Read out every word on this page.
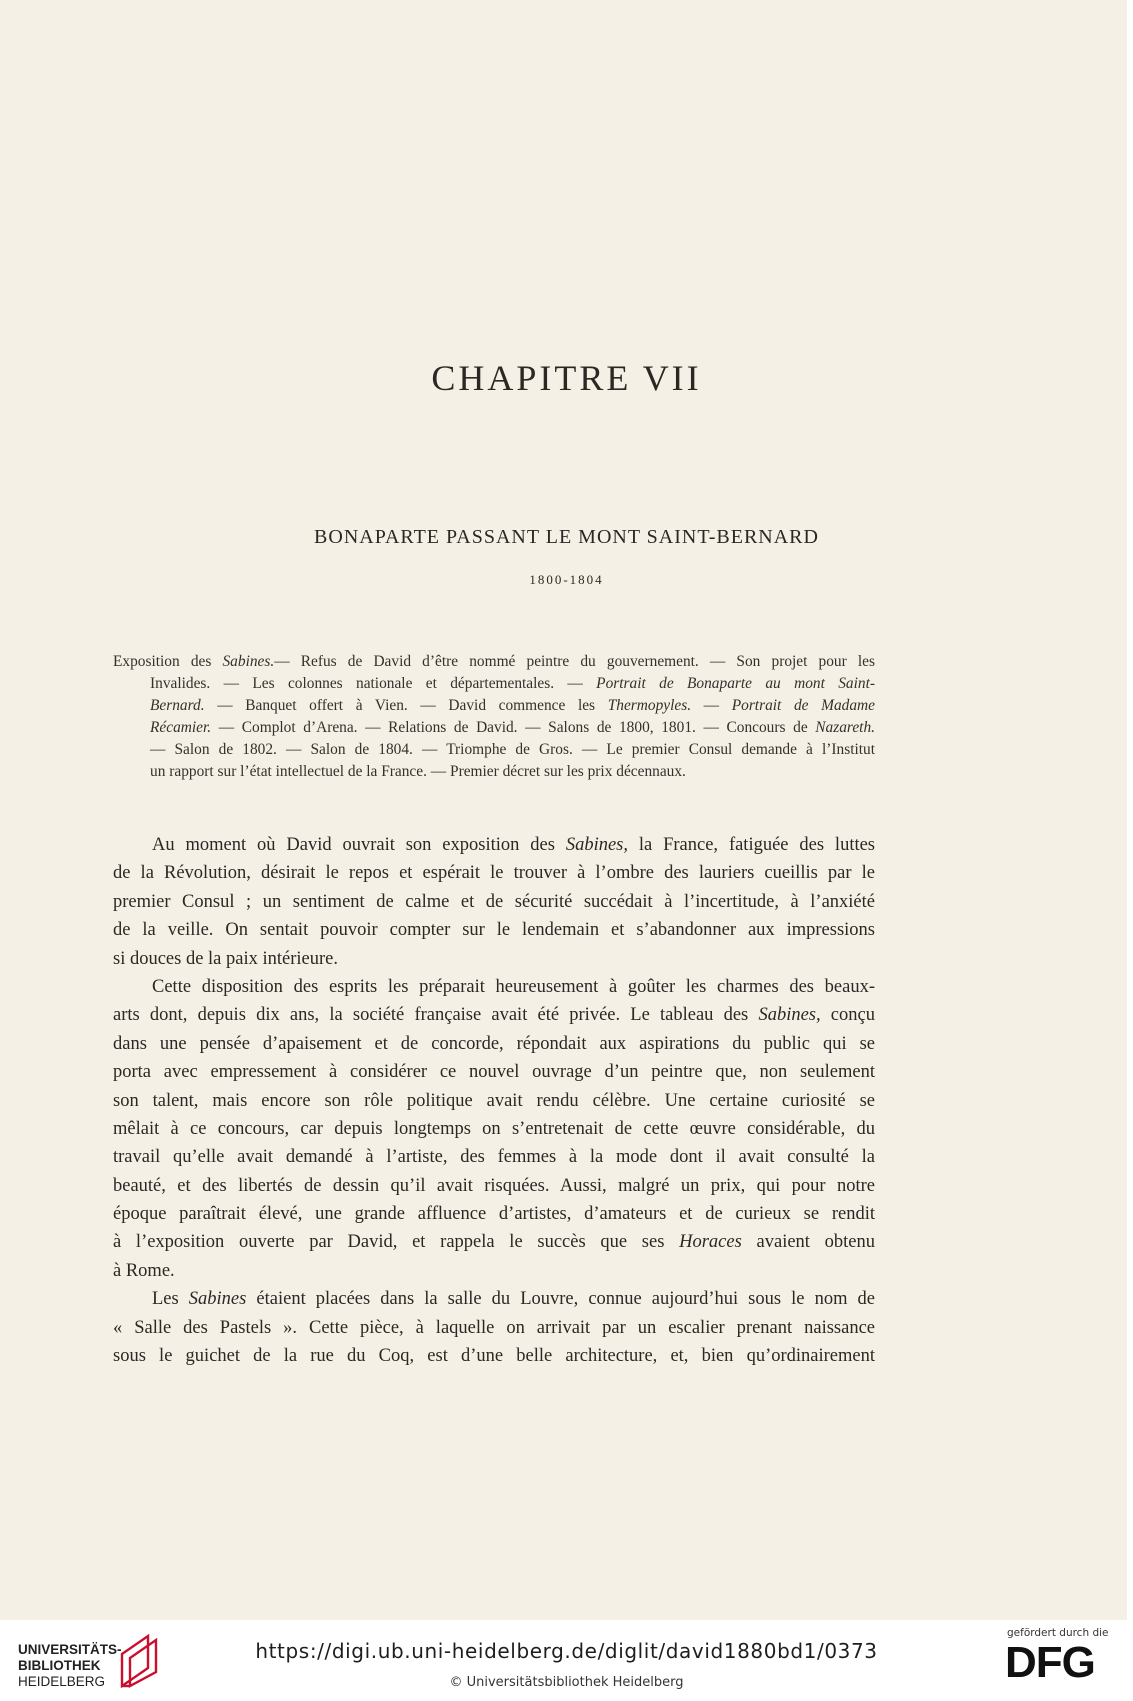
CHAPITRE VII
BONAPARTE PASSANT LE MONT SAINT-BERNARD
1800-1804
Exposition des Sabines.— Refus de David d’être nommé peintre du gouvernement. — Son projet pour les
Invalides. — Les colonnes nationale et départementales. — Portrait de Bonaparte au mont Saint-
Bernard. — Banquet offert à Vien. — David commence les Thermopyles. — Portrait de Madame
Récamier. — Complot d’Arena. — Relations de David. — Salons de 1800, 1801. — Concours de Nazareth.
— Salon de 1802. — Salon de 1804. — Triomphe de Gros. — Le premier Consul demande à l’Institut
un rapport sur l’état intellectuel de la France. — Premier décret sur les prix décennaux.
Au moment où David ouvrait son exposition des Sabines, la France, fatiguée des luttes
de la Révolution, désirait le repos et espérait le trouver à l’ombre des lauriers cueillis par le
premier Consul ; un sentiment de calme et de sécurité succédait à l’incertitude, à l’anxiété
de la veille. On sentait pouvoir compter sur le lendemain et s’abandonner aux impressions
si douces de la paix intérieure.
Cette disposition des esprits les préparait heureusement à goûter les charmes des beaux-
arts dont, depuis dix ans, la société française avait été privée. Le tableau des Sabines, conçu
dans une pensée d’apaisement et de concorde, répondait aux aspirations du public qui se
porta avec empressement à considérer ce nouvel ouvrage d’un peintre que, non seulement
son talent, mais encore son rôle politique avait rendu célèbre. Une certaine curiosité se
mêlait à ce concours, car depuis longtemps on s’entretenait de cette œuvre considérable, du
travail qu’elle avait demandé à l’artiste, des femmes à la mode dont il avait consulté la
beauté, et des libertés de dessin qu’il avait risquées. Aussi, malgré un prix, qui pour notre
époque paraîtrait élevé, une grande affluence d’artistes, d’amateurs et de curieux se rendit
à l’exposition ouverte par David, et rappela le succès que ses Horaces avaient obtenu
à Rome.
Les Sabines étaient placées dans la salle du Louvre, connue aujourd’hui sous le nom de
« Salle des Pastels ». Cette pièce, à laquelle on arrivait par un escalier prenant naissance
sous le guichet de la rue du Coq, est d’une belle architecture, et, bien qu’ordinairement
UNIVERSITÄTS-
BIBLIOTHEK
HEIDELBERG
https://digi.ub.uni-heidelberg.de/diglit/david1880bd1/0373
© Universitätsbibliothek Heidelberg
gefördert durch die
DFG
